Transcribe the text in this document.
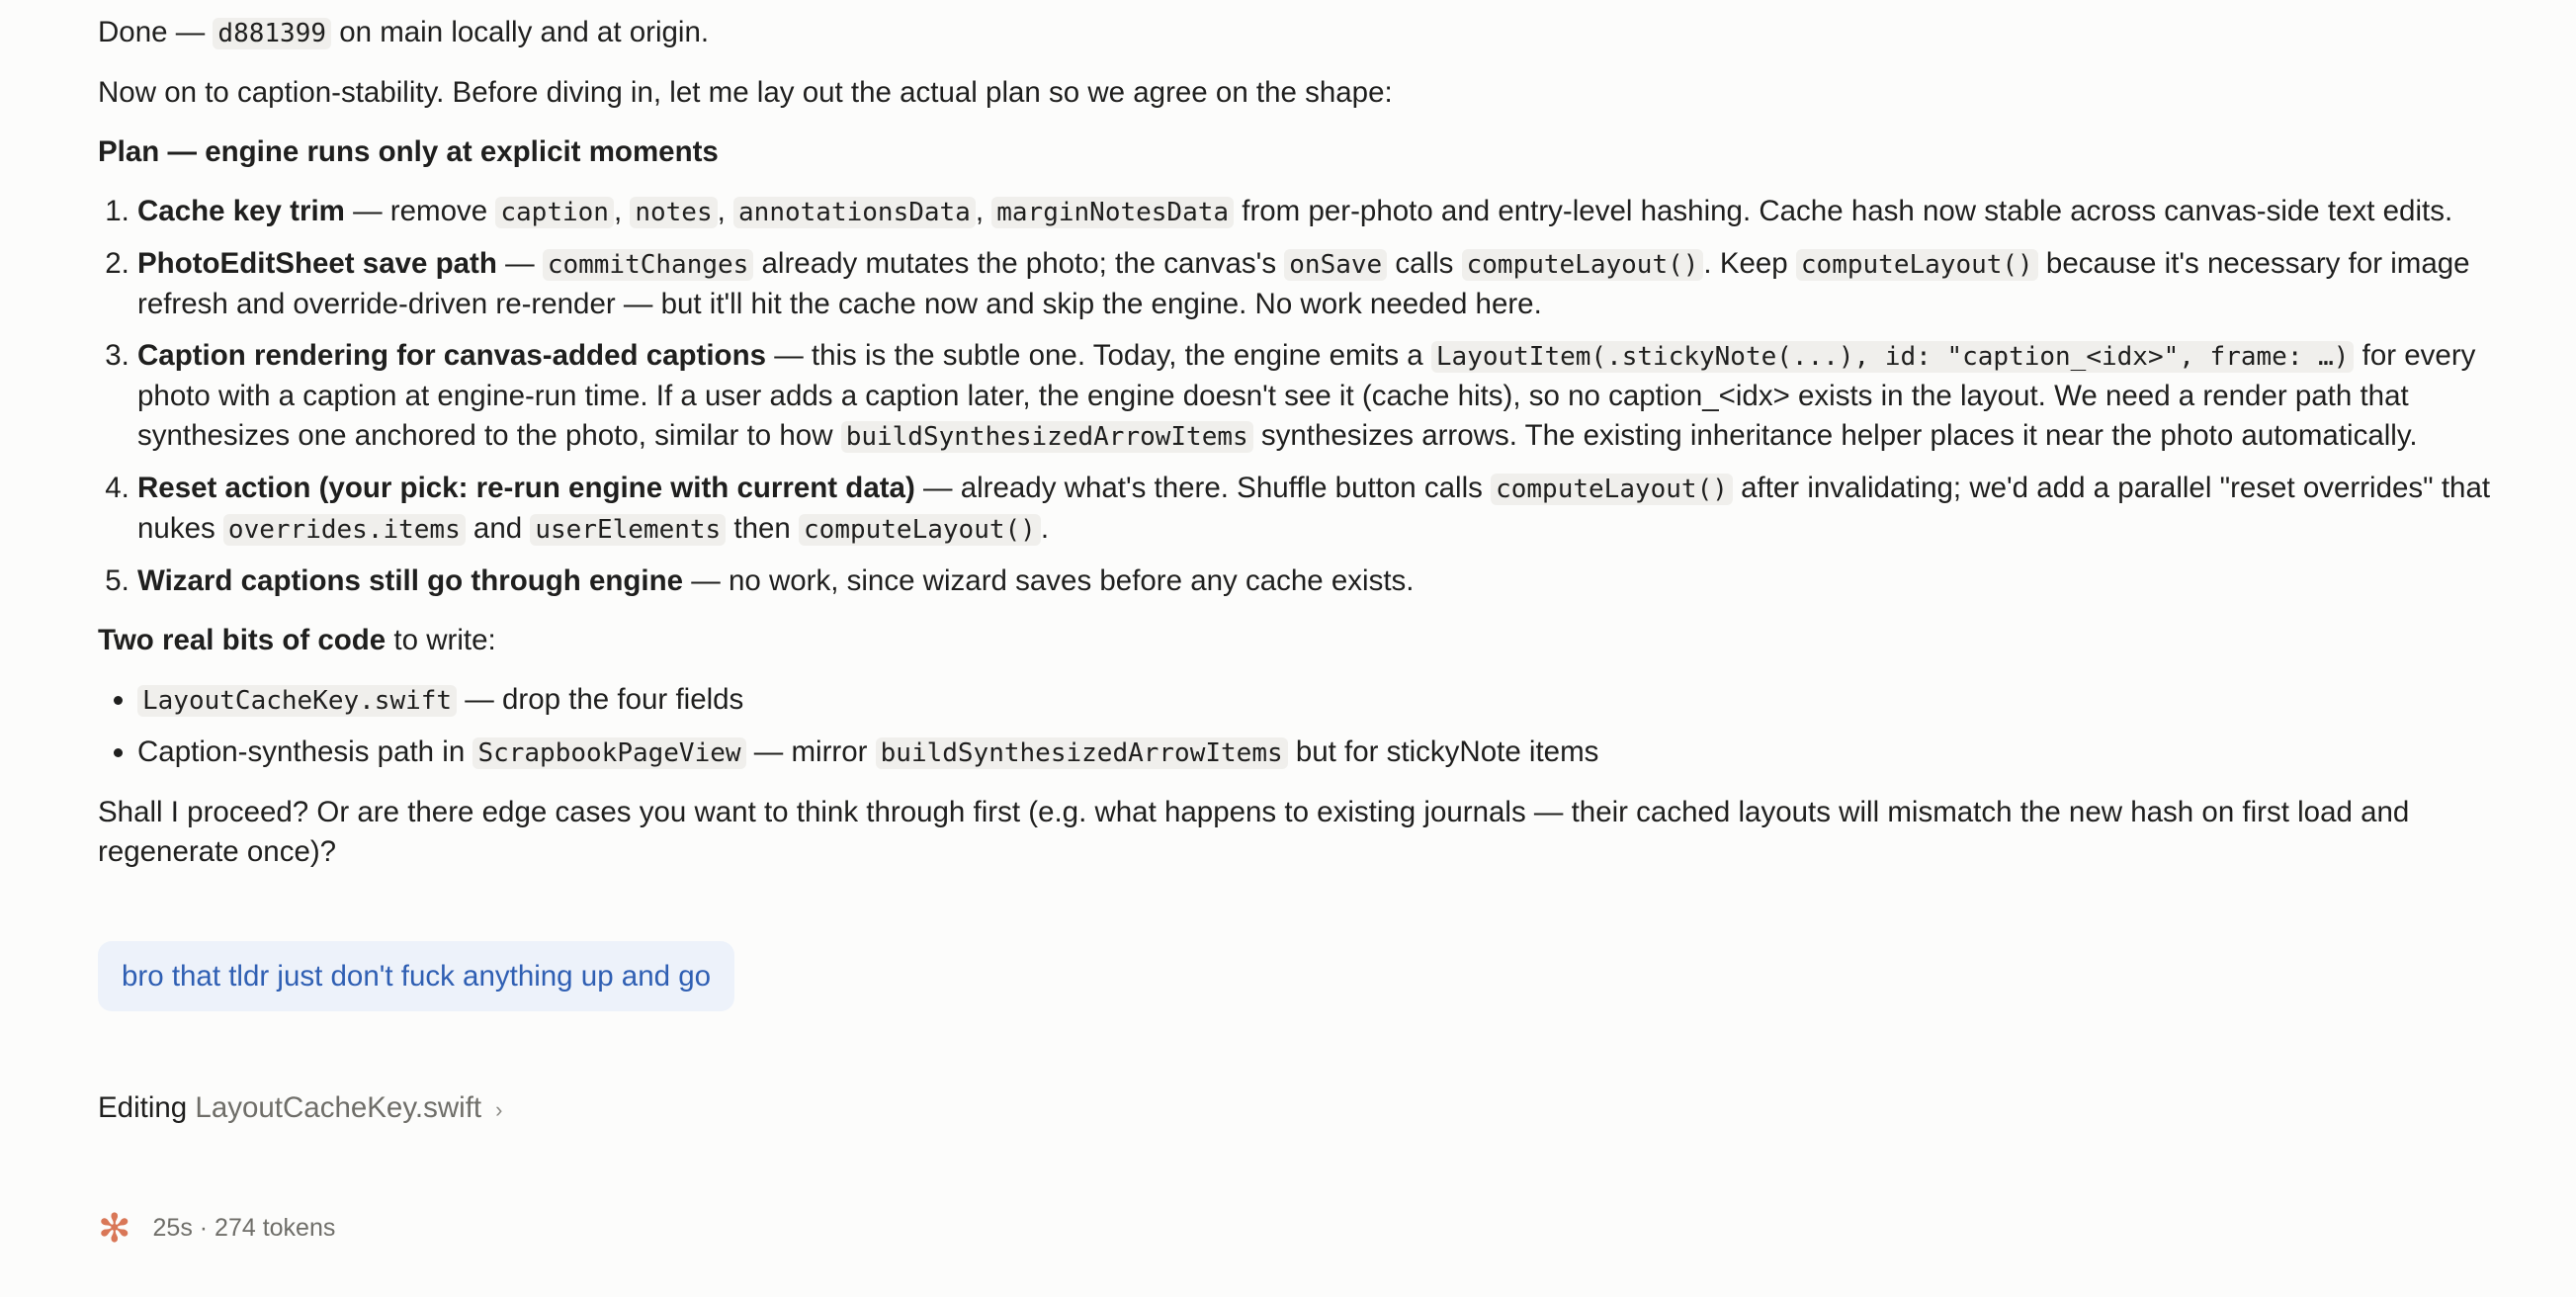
Done — d881399 on main locally and at origin.

Now on to caption-stability. Before diving in, let me lay out the actual plan so we agree on the shape:

Plan — engine runs only at explicit moments

1. Cache key trim — remove caption , notes , annotationsData , marginNotesData from per-photo and entry-level hashing. Cache hash now stable across canvas-side text edits.
2. PhotoEditSheet save path — commitChanges already mutates the photo; the canvas's onSave calls computeLayout() . Keep computeLayout() because it's necessary for image refresh and override-driven re-render — but it'll hit the cache now and skip the engine. No work needed here.
3. Caption rendering for canvas-added captions — this is the subtle one. Today, the engine emits a LayoutItem(.stickyNote(...), id: "caption_<idx>", frame: …) for every photo with a caption at engine-run time. If a user adds a caption later, the engine doesn't see it (cache hits), so no caption_<idx> exists in the layout. We need a render path that synthesizes one anchored to the photo, similar to how buildSynthesizedArrowItems synthesizes arrows. The existing inheritance helper places it near the photo automatically.
4. Reset action (your pick: re-run engine with current data) — already what's there. Shuffle button calls computeLayout() after invalidating; we'd add a parallel "reset overrides" that nukes overrides.items and userElements then computeLayout() .
5. Wizard captions still go through engine — no work, since wizard saves before any cache exists.

Two real bits of code to write:

• LayoutCacheKey.swift — drop the four fields
• Caption-synthesis path in ScrapbookPageView — mirror buildSynthesizedArrowItems but for stickyNote items

Shall I proceed? Or are there edge cases you want to think through first (e.g. what happens to existing journals — their cached layouts will mismatch the new hash on first load and regenerate once)?

bro that tldr just don't fuck anything up and go
Editing LayoutCacheKey.swift ›
✻ 25s · 274 tokens
